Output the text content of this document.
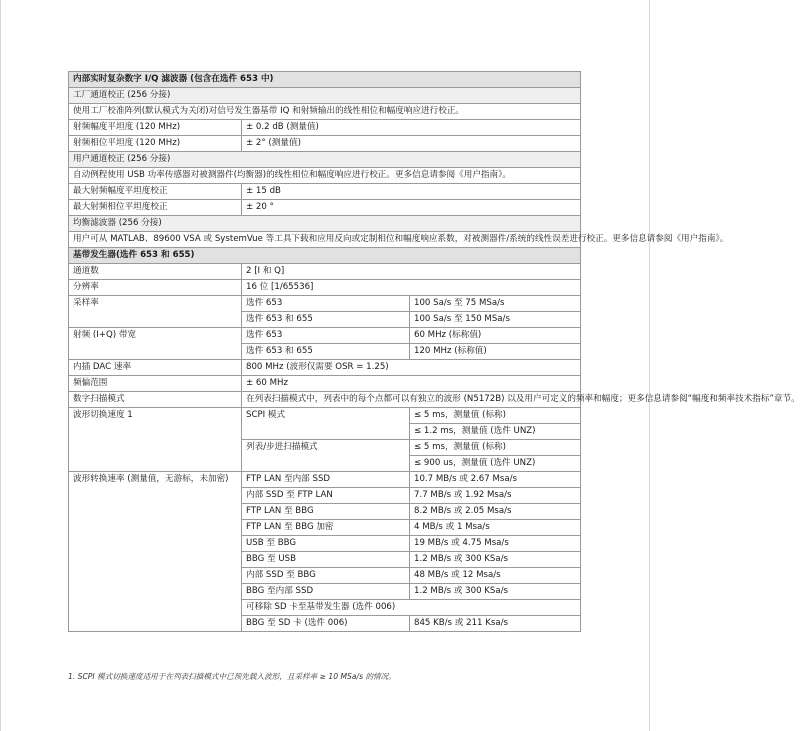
内部实时复杂数字 I/Q 滤波器 (包含在选件 653 中)		
工厂通道校正 (256 分接)		
使用工厂校准阵列(默认模式为关闭)对信号发生器基带 IQ 和射频输出的线性相位和幅度响应进行校正。		
射频幅度平坦度 (120 MHz)	± 0.2 dB (测量值)	
射频相位平坦度 (120 MHz)	± 2° (测量值)	
用户通道校正 (256 分接)		
自动例程使用 USB 功率传感器对被测器件(均衡器)的线性相位和幅度响应进行校正。更多信息请参阅《用户指南》。		
最大射频幅度平坦度校正	± 15 dB	
最大射频相位平坦度校正	± 20 °	
均衡滤波器 (256 分接)		
用户可从 MATLAB、89600 VSA 或 SystemVue 等工具下载和应用反向或定制相位和幅度响应系数，对被测器件/系统的线性误差进行校正。更多信息请参阅《用户指南》。		
基带发生器(选件 653 和 655)		
通道数	2 [I 和 Q]	
分辨率	16 位 [1/65536]	
采样率	选件 653	100 Sa/s 至 75 MSa/s
	选件 653 和 655	100 Sa/s 至 150 MSa/s
射频 (I+Q) 带宽	选件 653	60 MHz (标称值)
	选件 653 和 655	120 MHz (标称值)
内插 DAC 速率	800 MHz (波形仅需要 OSR = 1.25)	
频偏范围	± 60 MHz	
数字扫描模式	在列表扫描模式中，列表中的每个点都可以有独立的波形 (N5172B) 以及用户可定义的频率和幅度；更多信息请参阅“幅度和频率技术指标”章节。	
波形切换速度 1	SCPI 模式	≤ 5 ms，测量值 (标称)
		≤ 1.2 ms，测量值 (选件 UNZ)
	列表/步进扫描模式	≤ 5 ms，测量值 (标称)
		≤ 900 us，测量值 (选件 UNZ)
波形转换速率 (测量值，无游标，未加密)	FTP LAN 至内部 SSD	10.7 MB/s 或 2.67 Msa/s
	内部 SSD 至 FTP LAN	7.7 MB/s 或 1.92 Msa/s
	FTP LAN 至 BBG	8.2 MB/s 或 2.05 Msa/s
	FTP LAN 至 BBG 加密	4 MB/s 或 1 Msa/s
	USB 至 BBG	19 MB/s 或 4.75 Msa/s
	BBG 至 USB	1.2 MB/s 或 300 KSa/s
	内部 SSD 至 BBG	48 MB/s 或 12 Msa/s
	BBG 至内部 SSD	1.2 MB/s 或 300 KSa/s
	可移除 SD 卡至基带发生器 (选件 006)	
	BBG 至 SD 卡 (选件 006)	845 KB/s 或 211 Ksa/s
1. SCPI 模式切换速度适用于在列表扫描模式中已预先载入波形，且采样率 ≥ 10 MSa/s 的情况。
